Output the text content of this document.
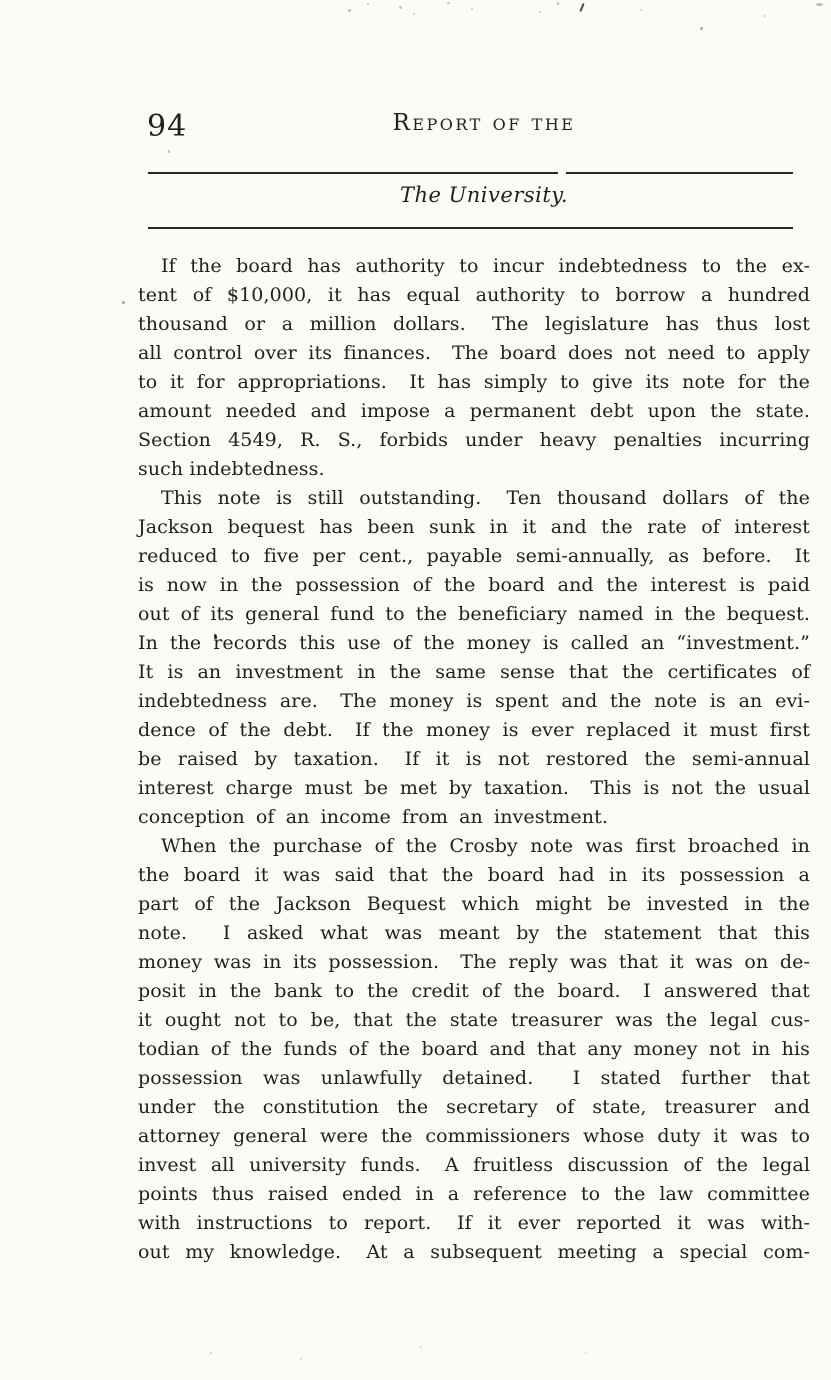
94	Report of the
The University.
If the board has authority to incur indebtedness to the ex-
tent of $10,000, it has equal authority to borrow a hundred
thousand or a million dollars.  The legislature has thus lost
all control over its finances.  The board does not need to apply
to it for appropriations.  It has simply to give its note for the
amount needed and impose a permanent debt upon the state.
Section 4549, R. S., forbids under heavy penalties incurring
such indebtedness.
This note is still outstanding.  Ten thousand dollars of the
Jackson bequest has been sunk in it and the rate of interest
reduced to five per cent., payable semi-annually, as before.  It
is now in the possession of the board and the interest is paid
out of its general fund to the beneficiary named in the bequest.
In the records this use of the money is called an “investment.”
It is an investment in the same sense that the certificates of
indebtedness are.  The money is spent and the note is an evi-
dence of the debt.  If the money is ever replaced it must first
be raised by taxation.  If it is not restored the semi-annual
interest charge must be met by taxation.  This is not the usual
conception of an income from an investment.
When the purchase of the Crosby note was first broached in
the board it was said that the board had in its possession a
part of the Jackson Bequest which might be invested in the
note.   I asked what was meant by the statement that this
money was in its possession.  The reply was that it was on de-
posit in the bank to the credit of the board.  I answered that
it ought not to be, that the state treasurer was the legal cus-
todian of the funds of the board and that any money not in his
possession was unlawfully detained.   I stated further that
under the constitution the secretary of state, treasurer and
attorney general were the commissioners whose duty it was to
invest all university funds.  A fruitless discussion of the legal
points thus raised ended in a reference to the law committee
with instructions to report.  If it ever reported it was with-
out my knowledge.  At a subsequent meeting a special com-
